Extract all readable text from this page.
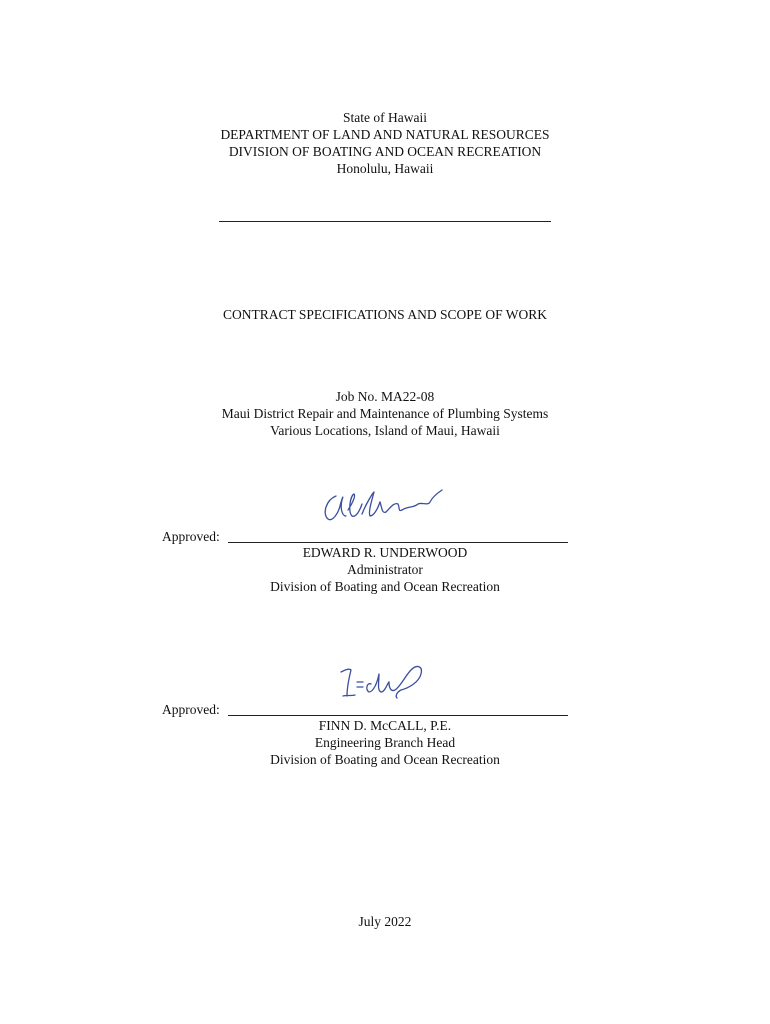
State of Hawaii
DEPARTMENT OF LAND AND NATURAL RESOURCES
DIVISION OF BOATING AND OCEAN RECREATION
Honolulu, Hawaii
CONTRACT SPECIFICATIONS AND SCOPE OF WORK
Job No. MA22-08
Maui District Repair and Maintenance of Plumbing Systems
Various Locations, Island of Maui, Hawaii
Approved:
EDWARD R. UNDERWOOD
Administrator
Division of Boating and Ocean Recreation
Approved:
FINN D. McCALL, P.E.
Engineering Branch Head
Division of Boating and Ocean Recreation
July 2022
